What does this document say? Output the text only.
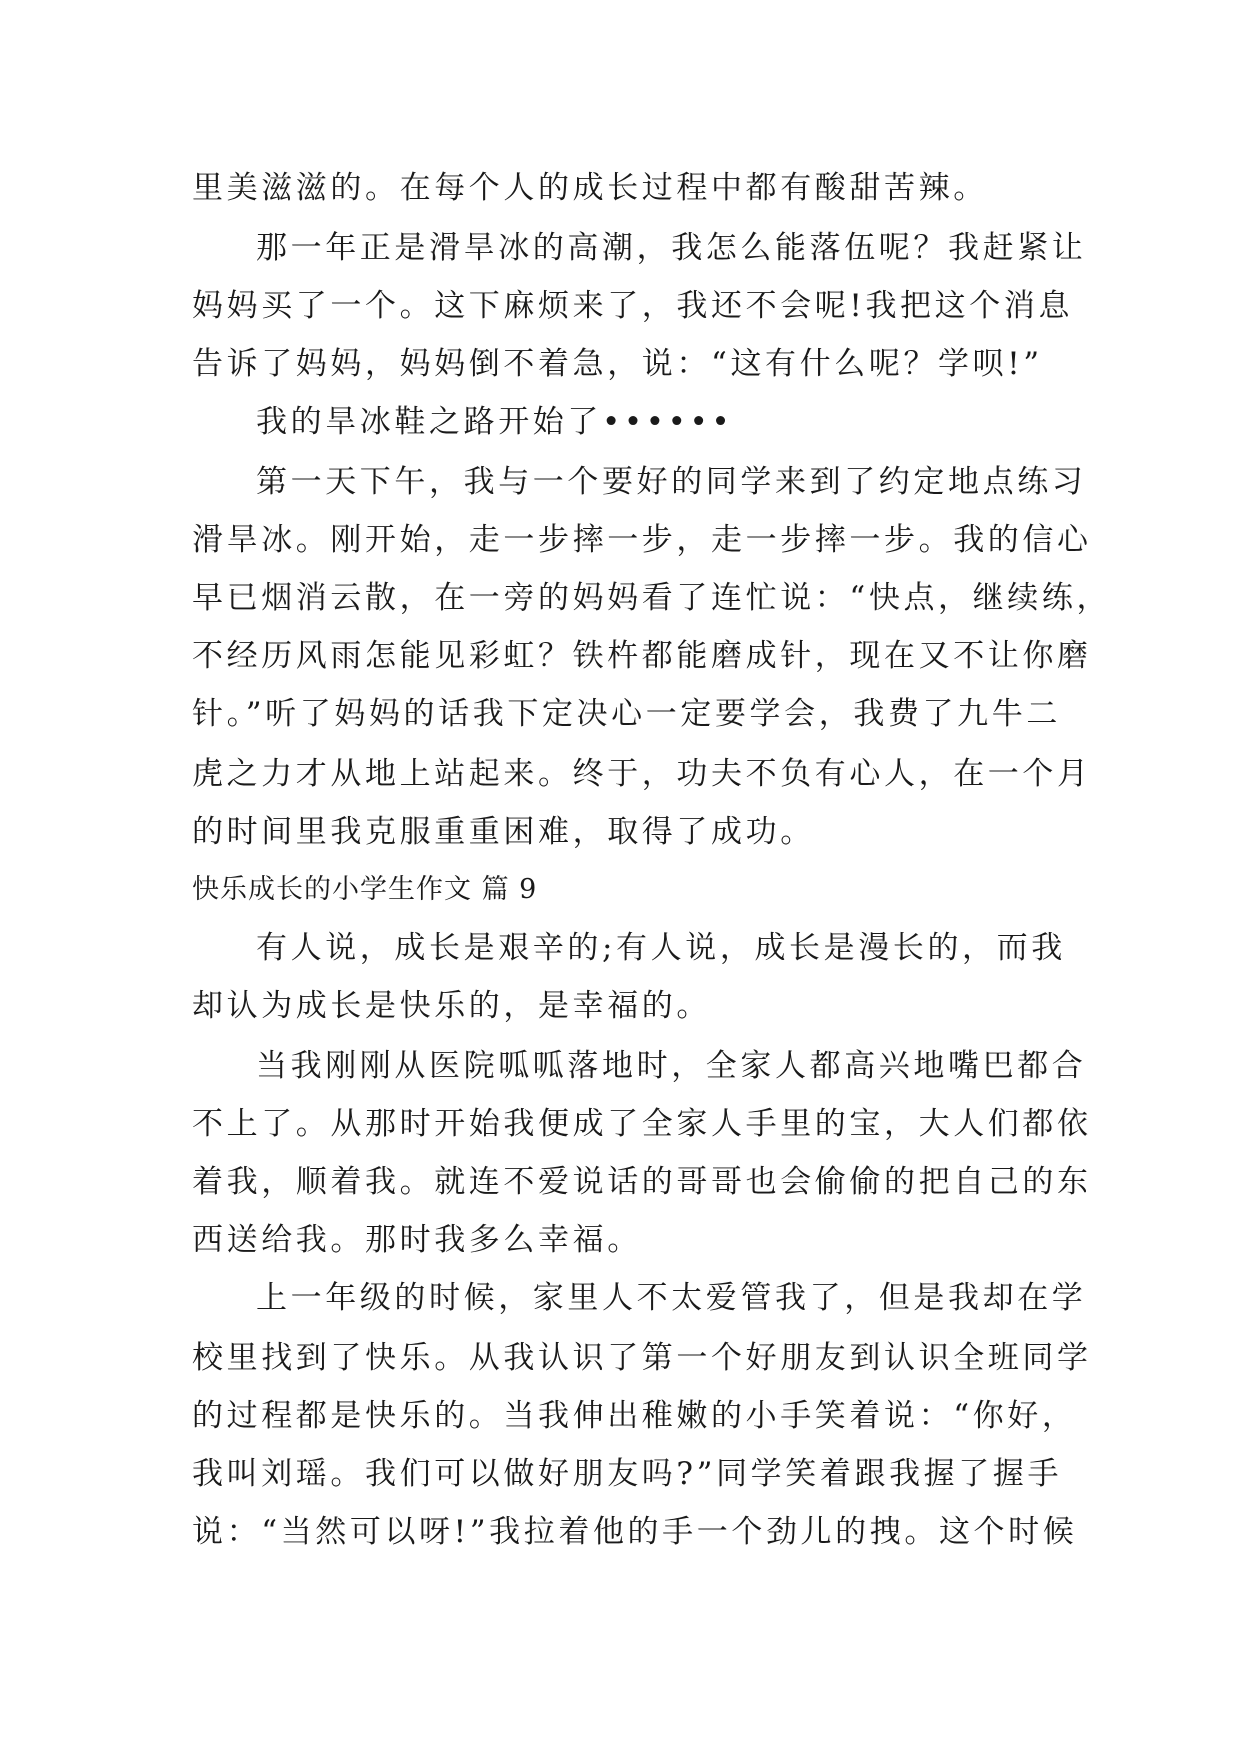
里美滋滋的。在每个人的成长过程中都有酸甜苦辣。
那一年正是滑旱冰的高潮，我怎么能落伍呢？我赶紧让
妈妈买了一个。这下麻烦来了，我还不会呢!我把这个消息
告诉了妈妈，妈妈倒不着急，说：“这有什么呢？学呗!”
我的旱冰鞋之路开始了••••••
第一天下午，我与一个要好的同学来到了约定地点练习
滑旱冰。刚开始，走一步摔一步，走一步摔一步。我的信心
早已烟消云散，在一旁的妈妈看了连忙说：“快点，继续练，
不经历风雨怎能见彩虹？铁杵都能磨成针，现在又不让你磨
针。”听了妈妈的话我下定决心一定要学会，我费了九牛二
虎之力才从地上站起来。终于，功夫不负有心人，在一个月
的时间里我克服重重困难，取得了成功。
快乐成长的小学生作文 篇 9
有人说，成长是艰辛的;有人说，成长是漫长的，而我
却认为成长是快乐的，是幸福的。
当我刚刚从医院呱呱落地时，全家人都高兴地嘴巴都合
不上了。从那时开始我便成了全家人手里的宝，大人们都依
着我，顺着我。就连不爱说话的哥哥也会偷偷的把自己的东
西送给我。那时我多么幸福。
上一年级的时候，家里人不太爱管我了，但是我却在学
校里找到了快乐。从我认识了第一个好朋友到认识全班同学
的过程都是快乐的。当我伸出稚嫩的小手笑着说：“你好，
我叫刘瑶。我们可以做好朋友吗?”同学笑着跟我握了握手
说：“当然可以呀!”我拉着他的手一个劲儿的拽。这个时候
